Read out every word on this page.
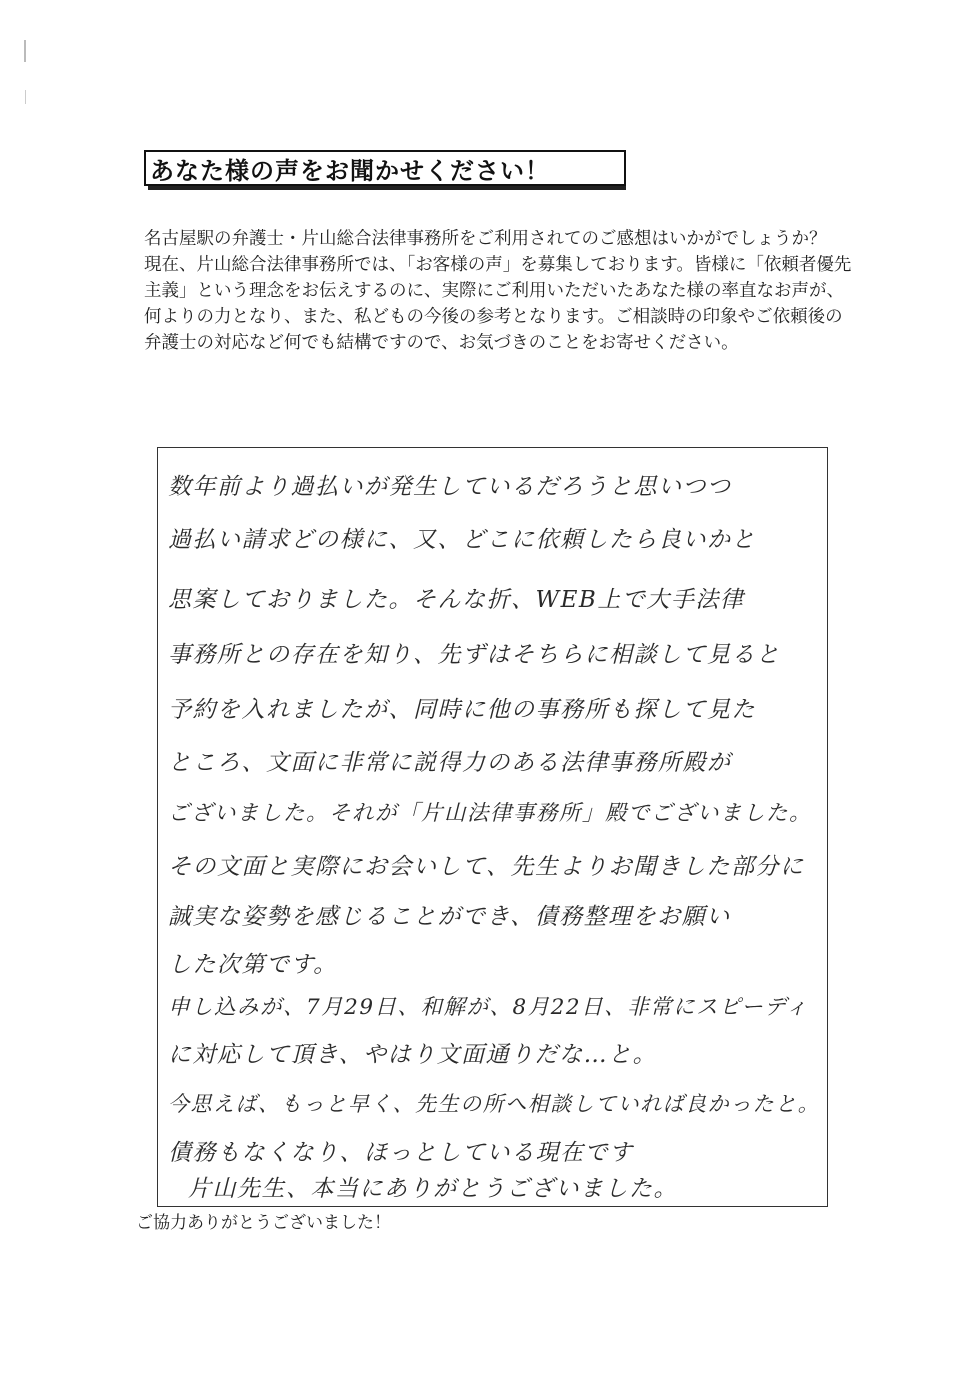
あなた様の声をお聞かせください！

名古屋駅の弁護士・片山総合法律事務所をご利用されてのご感想はいかがでしょうか？

現在、片山総合法律事務所では、「お客様の声」を募集しております。皆様に「依頼者優先主義」という理念をお伝えするのに、実際にご利用いただいたあなた様の率直なお声が、何よりの力となり、また、私どもの今後の参考となります。ご相談時の印象やご依頼後の弁護士の対応など何でも結構ですので、お気づきのことをお寄せください。

数年前より過払いが発生しているだろうと思いつつ
過払い請求どの様に、又、どこに依頼したら良いかと
思案しておりました。そんな折、WEB上で大手法律
事務所との存在を知り、先ずはそちらに相談して見ると
予約を入れましたが、同時に他の事務所も探して見た
ところ、文面に非常に説得力のある法律事務所殿が
ございました。それが「片山法律事務所」殿でございました。
その文面と実際にお会いして、先生よりお聞きした部分に
誠実な姿勢を感じることができ、債務整理をお願い
した次第です。
申し込みが、7月29日、和解が、8月22日、非常にスピーディ
に対応して頂き、やはり文面通りだな…と。
今思えば、もっと早く、先生の所へ相談していれば良かったと。
債務もなくなり、ほっとしている現在です
片山先生、本当にありがとうございました。
ご協力ありがとうございました！
